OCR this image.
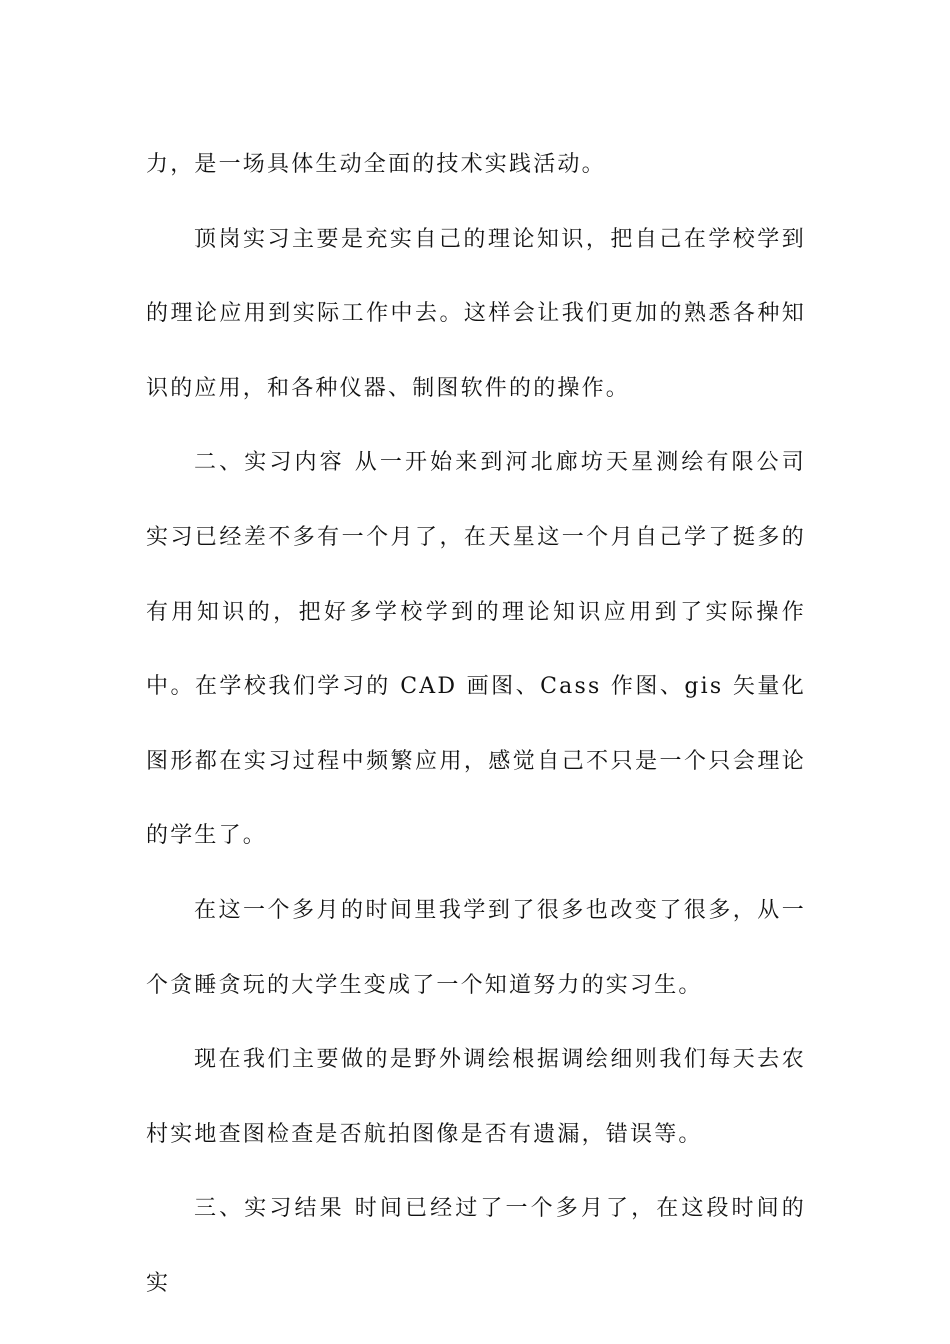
力，是一场具体生动全面的技术实践活动。

顶岗实习主要是充实自己的理论知识，把自己在学校学到的理论应用到实际工作中去。这样会让我们更加的熟悉各种知识的应用，和各种仪器、制图软件的的操作。

二、实习内容 从一开始来到河北廊坊天星测绘有限公司实习已经差不多有一个月了，在天星这一个月自己学了挺多的有用知识的，把好多学校学到的理论知识应用到了实际操作中。在学校我们学习的 CAD 画图、Cass 作图、gis 矢量化图形都在实习过程中频繁应用，感觉自己不只是一个只会理论的学生了。

在这一个多月的时间里我学到了很多也改变了很多，从一个贪睡贪玩的大学生变成了一个知道努力的实习生。

现在我们主要做的是野外调绘根据调绘细则我们每天去农村实地查图检查是否航拍图像是否有遗漏，错误等。

三、实习结果 时间已经过了一个多月了，在这段时间的实
